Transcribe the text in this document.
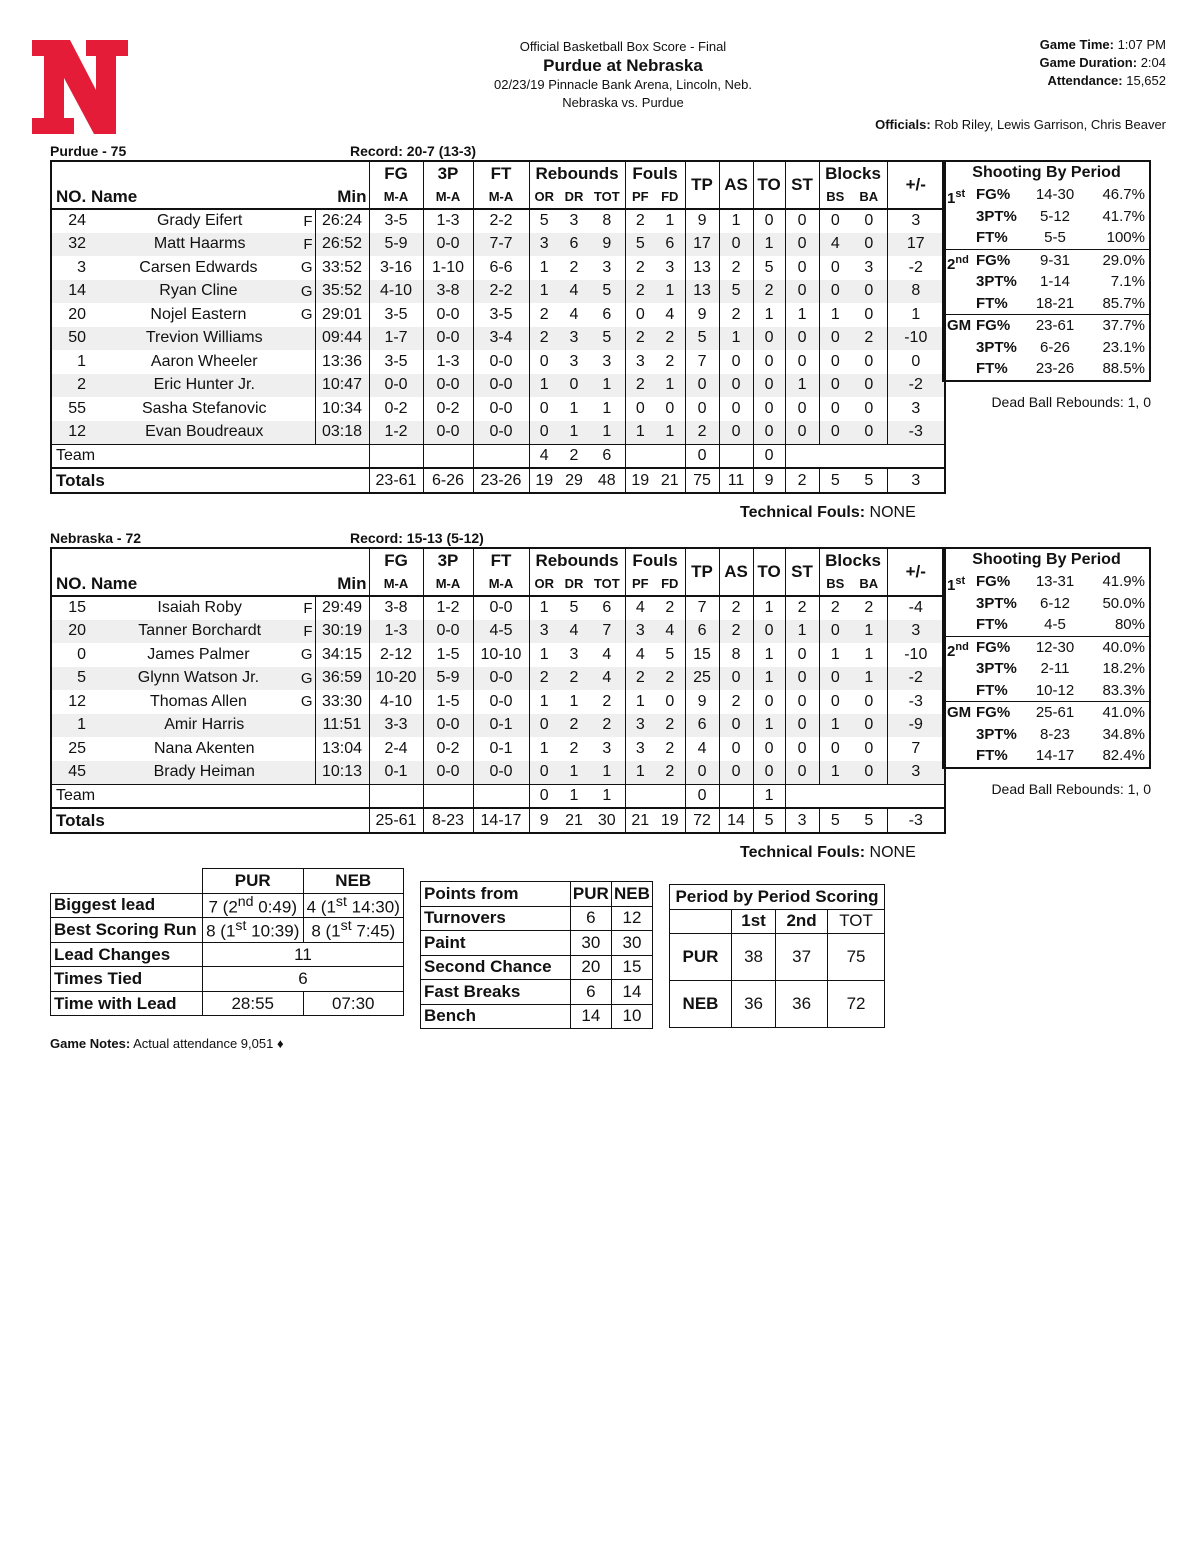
Official Basketball Box Score - Final
Purdue at Nebraska
02/23/19 Pinnacle Bank Arena, Lincoln, Neb.
Nebraska vs. Purdue
Game Time: 1:07 PM
Game Duration: 2:04
Attendance: 15,652
Officials: Rob Riley, Lewis Garrison, Chris Beaver
Purdue - 75	Record: 20-7 (13-3)
		FG	3P	FT	Rebounds			Fouls		TP	AS	TO	ST	Blocks		+/-
NO. Name	Min	M-A	M-A	M-A	OR	DR	TOT	PF	FD					BS	BA	

24 Grady Eifert F	26:24	3-5	1-3	2-2	5	3	8	2	1	9	1	0	0	0	0	3

32 Matt Haarms F	26:52	5-9	0-0	7-7	3	6	9	5	6	17	0	1	0	4	0	17

3 Carsen Edwards G	33:52	3-16	1-10	6-6	1	2	3	2	3	13	2	5	0	0	3	-2

14 Ryan Cline G	35:52	4-10	3-8	2-2	1	4	5	2	1	13	5	2	0	0	0	8

20 Nojel Eastern G	29:01	3-5	0-0	3-5	2	4	6	0	4	9	2	1	1	1	0	1

50 Trevion Williams	09:44	1-7	0-0	3-4	2	3	5	2	2	5	1	0	0	0	2	-10

1 Aaron Wheeler	13:36	3-5	1-3	0-0	0	3	3	3	2	7	0	0	0	0	0	0

2 Eric Hunter Jr.	10:47	0-0	0-0	0-0	1	0	1	2	1	0	0	0	1	0	0	-2

55 Sasha Stefanovic	10:34	0-2	0-2	0-0	0	1	1	0	0	0	0	0	0	0	0	3

12 Evan Boudreaux	03:18	1-2	0-0	0-0	0	1	1	1	1	2	0	0	0	0	0	-3
Team					4	2	6			0		0				
Totals		23-61	6-26	23-26	19	29	48	19	21	75	11	9	2	5	5	3
Technical Fouls: NONE
Shooting By Period
1st FG%	14-30	46.7%
3PT%	5-12	41.7%
FT%	5-5	100%
2nd FG%	9-31	29.0%
3PT%	1-14	7.1%
FT%	18-21	85.7%
GM FG%	23-61	37.7%
3PT%	6-26	23.1%
FT%	23-26	88.5%
Dead Ball Rebounds: 1, 0
Nebraska - 72	Record: 15-13 (5-12)
		FG	3P	FT	Rebounds			Fouls		TP	AS	TO	ST	Blocks		+/-
NO. Name	Min	M-A	M-A	M-A	OR	DR	TOT	PF	FD					BS	BA	

15 Isaiah Roby F	29:49	3-8	1-2	0-0	1	5	6	4	2	7	2	1	2	2	2	-4

20 Tanner Borchardt F	30:19	1-3	0-0	4-5	3	4	7	3	4	6	2	0	1	0	1	3

0 James Palmer G	34:15	2-12	1-5	10-10	1	3	4	4	5	15	8	1	0	1	1	-10

5 Glynn Watson Jr. G	36:59	10-20	5-9	0-0	2	2	4	2	2	25	0	1	0	0	1	-2

12 Thomas Allen G	33:30	4-10	1-5	0-0	1	1	2	1	0	9	2	0	0	0	0	-3

1 Amir Harris	11:51	3-3	0-0	0-1	0	2	2	3	2	6	0	1	0	1	0	-9

25 Nana Akenten	13:04	2-4	0-2	0-1	1	2	3	3	2	4	0	0	0	0	0	7

45 Brady Heiman	10:13	0-1	0-0	0-0	0	1	1	1	2	0	0	0	0	1	0	3
Team					0	1	1			0		1				
Totals		25-61	8-23	14-17	9	21	30	21	19	72	14	5	3	5	5	-3
Technical Fouls: NONE
Shooting By Period
1st FG%	13-31	41.9%
3PT%	6-12	50.0%
FT%	4-5	80%
2nd FG%	12-30	40.0%
3PT%	2-11	18.2%
FT%	10-12	83.3%
GM FG%	25-61	41.0%
3PT%	8-23	34.8%
FT%	14-17	82.4%
Dead Ball Rebounds: 1, 0
	PUR	NEB
Biggest lead	7 (2nd 0:49)	4 (1st 14:30)
Best Scoring Run	8 (1st 10:39)	8 (1st 7:45)
Lead Changes	11	
Times Tied	6	
Time with Lead	28:55	07:30
Points from	PUR	NEB
Turnovers	6	12
Paint	30	30
Second Chance	20	15
Fast Breaks	6	14
Bench	14	10
Period by Period Scoring			
	1st	2nd	TOT
PUR	38	37	75
NEB	36	36	72
Game Notes: Actual attendance 9,051 ♦
